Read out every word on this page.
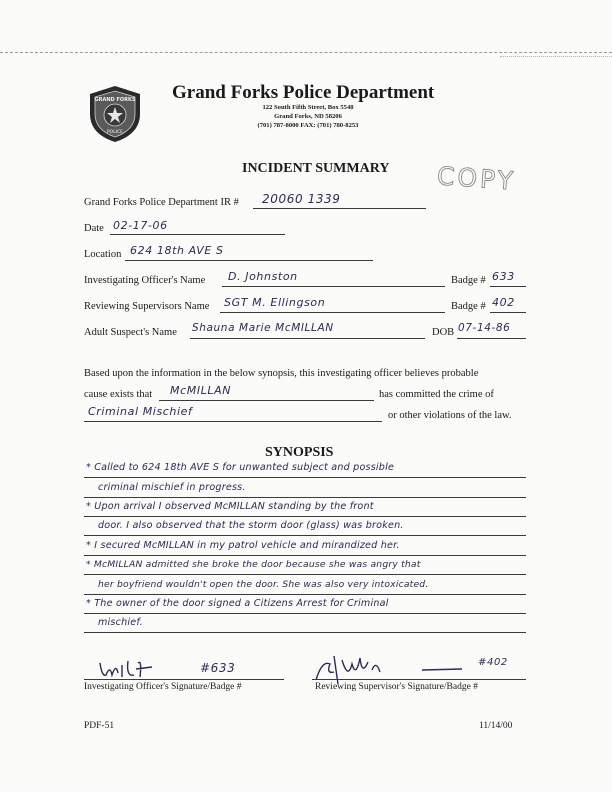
GRAND FORKS
POLICE
Grand Forks Police Department
122 South Fifth Street, Box 5548
Grand Forks, ND 58206
(701) 787-8000 FAX: (701) 780-8253
COPY
INCIDENT SUMMARY
Grand Forks Police Department IR # 20060 1339
Date 02-17-06
Location 624 18th AVE S
Investigating Officer's Name D. Johnston	Badge # 633
Reviewing Supervisors Name SGT M. Ellingson	Badge # 402
Adult Suspect's Name Shauna Marie McMILLAN	DOB 07-14-86
Based upon the information in the below synopsis, this investigating officer believes probable
cause exists that McMILLAN	has committed the crime of
Criminal Mischief	or other violations of the law.
SYNOPSIS
* Called to 624 18th AVE S for unwanted subject and possible
criminal mischief in progress.
* Upon arrival I observed McMILLAN standing by the front
door. I also observed that the storm door (glass) was broken.
* I secured McMILLAN in my patrol vehicle and mirandized her.
* McMILLAN admitted she broke the door because she was angry that
her boyfriend wouldn't open the door. She was also very intoxicated.
* The owner of the door signed a Citizens Arrest for Criminal
mischief.
#633
Investigating Officer's Signature/Badge #
#402
Reviewing Supervisor's Signature/Badge #
PDF-51	11/14/00
